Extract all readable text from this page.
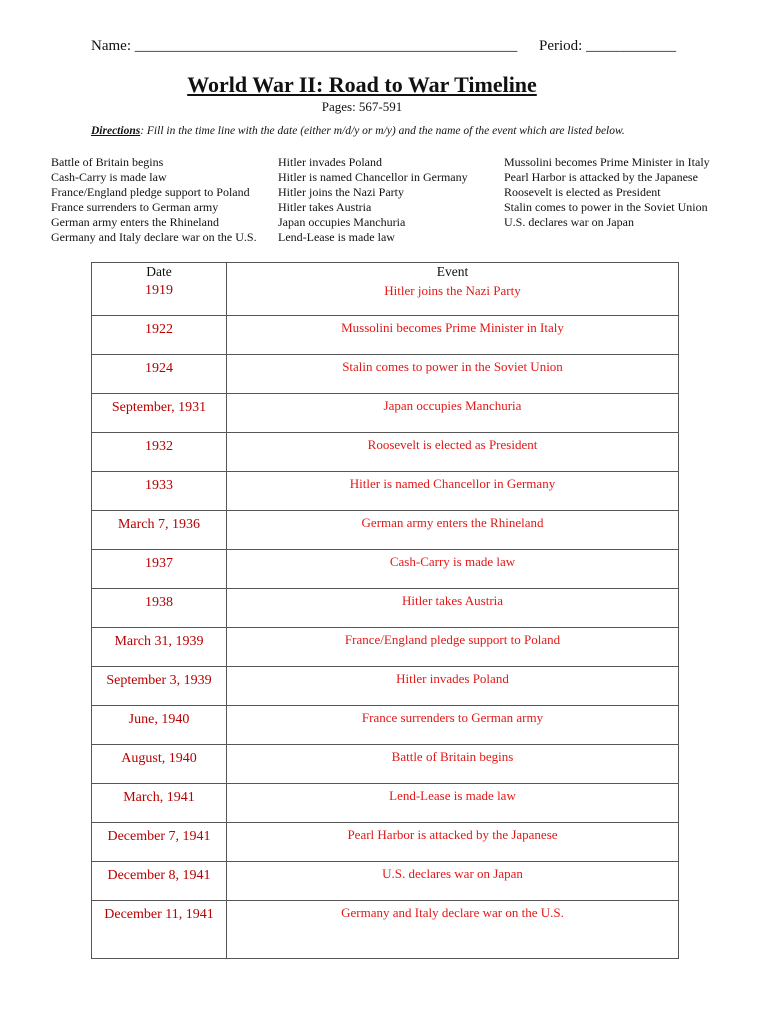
Name: ___________________________________________________ Period: ____________
World War II: Road to War Timeline
Pages: 567-591
Directions: Fill in the time line with the date (either m/d/y or m/y) and the name of the event which are listed below.
Battle of Britain begins
Cash-Carry is made law
France/England pledge support to Poland
France surrenders to German army
German army enters the Rhineland
Germany and Italy declare war on the U.S.
Hitler invades Poland
Hitler is named Chancellor in Germany
Hitler joins the Nazi Party
Hitler takes Austria
Japan occupies Manchuria
Lend-Lease is made law
Mussolini becomes Prime Minister in Italy
Pearl Harbor is attacked by the Japanese
Roosevelt is elected as President
Stalin comes to power in the Soviet Union
U.S. declares war on Japan
Date	Event
1919	Hitler joins the Nazi Party
1922	Mussolini becomes Prime Minister in Italy
1924	Stalin comes to power in the Soviet Union
September, 1931	Japan occupies Manchuria
1932	Roosevelt is elected as President
1933	Hitler is named Chancellor in Germany
March 7, 1936	German army enters the Rhineland
1937	Cash-Carry is made law
1938	Hitler takes Austria
March 31, 1939	France/England pledge support to Poland
September 3, 1939	Hitler invades Poland
June, 1940	France surrenders to German army
August, 1940	Battle of Britain begins
March, 1941	Lend-Lease is made law
December 7, 1941	Pearl Harbor is attacked by the Japanese
December 8, 1941	U.S. declares war on Japan
December 11, 1941	Germany and Italy declare war on the U.S.
